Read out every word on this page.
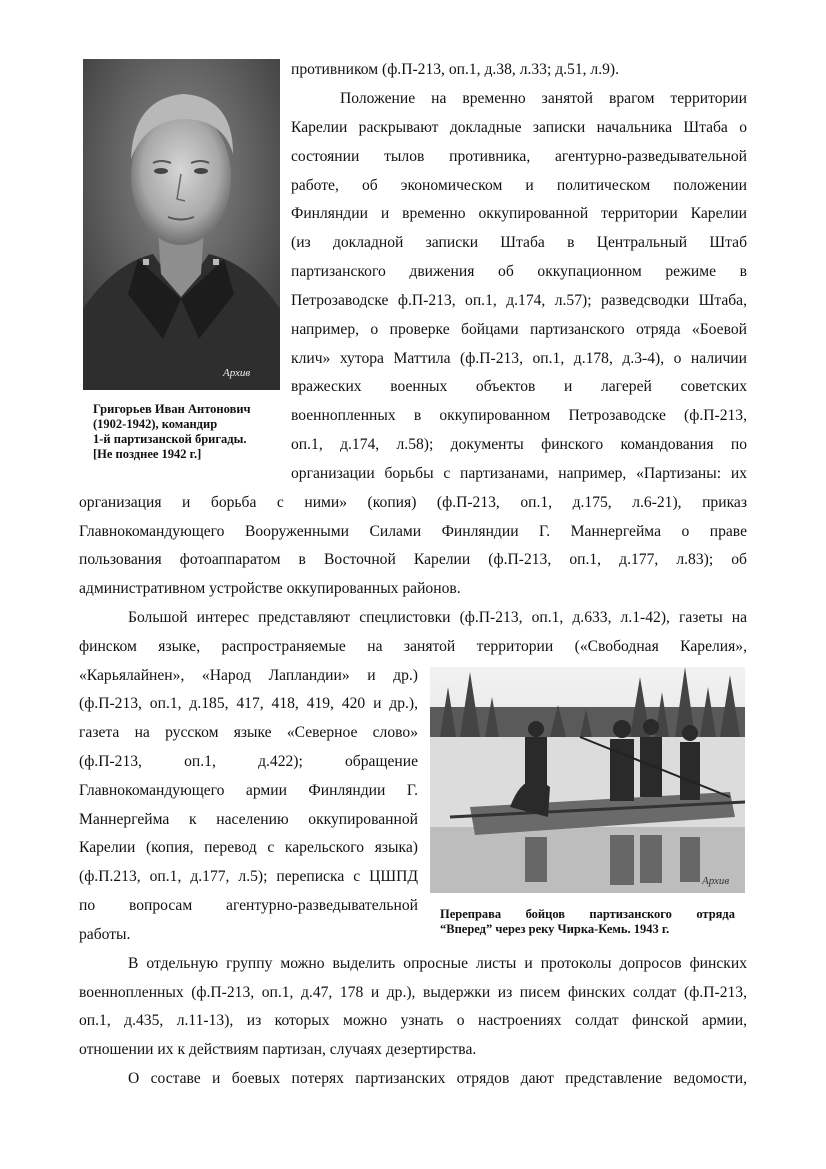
Архив
Григорьев Иван Антонович
(1902-1942), командир
1-й партизанской бригады.
[Не позднее 1942 г.]
Архив
Переправа бойцов партизанского отряда
“Вперед” через реку Чирка-Кемь. 1943 г.

противником (ф.П-213, оп.1, д.38, л.33; д.51, л.9).

Положение на временно занятой врагом территории

Карелии раскрывают докладные записки начальника Штаба о

состоянии тылов противника, агентурно-разведывательной

работе, об экономическом и политическом положении

Финляндии и временно оккупированной территории Карелии

(из докладной записки Штаба в Центральный Штаб

партизанского движения об оккупационном режиме в

Петрозаводске ф.П-213, оп.1, д.174, л.57); разведсводки Штаба,

например, о проверке бойцами партизанского отряда «Боевой

клич» хутора Маттила (ф.П-213, оп.1, д.178, д.3-4), о наличии

вражеских военных объектов и лагерей советских

военнопленных в оккупированном Петрозаводске (ф.П-213,

оп.1, д.174, л.58); документы финского командования по

организации борьбы с партизанами, например, «Партизаны: их

организация и борьба с ними» (копия) (ф.П-213, оп.1, д.175, л.6-21), приказ

Главнокомандующего Вооруженными Силами Финляндии Г. Маннергейма о праве

пользования фотоаппаратом в Восточной Карелии (ф.П-213, оп.1, д.177, л.83); об

административном устройстве оккупированных районов.

Большой интерес представляют спецлистовки (ф.П-213, оп.1, д.633, л.1-42), газеты на

финском языке, распространяемые на занятой территории («Свободная Карелия»,

«Карьялайнен», «Народ Лапландии» и др.)

(ф.П-213, оп.1, д.185, 417, 418, 419, 420 и др.),

газета на русском языке «Северное слово»

(ф.П-213, оп.1, д.422); обращение

Главнокомандующего армии Финляндии Г.

Маннергейма к населению оккупированной

Карелии (копия, перевод с карельского языка)

(ф.П.213, оп.1, д.177, л.5); переписка с ЦШПД

по вопросам агентурно-разведывательной

работы.

В отдельную группу можно выделить опросные листы и протоколы допросов финских

военнопленных (ф.П-213, оп.1, д.47, 178 и др.), выдержки из писем финских солдат (ф.П-213,

оп.1, д.435, л.11-13), из которых можно узнать о настроениях солдат финской армии,

отношении их к действиям партизан, случаях дезертирства.

О составе и боевых потерях партизанских отрядов дают представление ведомости,
